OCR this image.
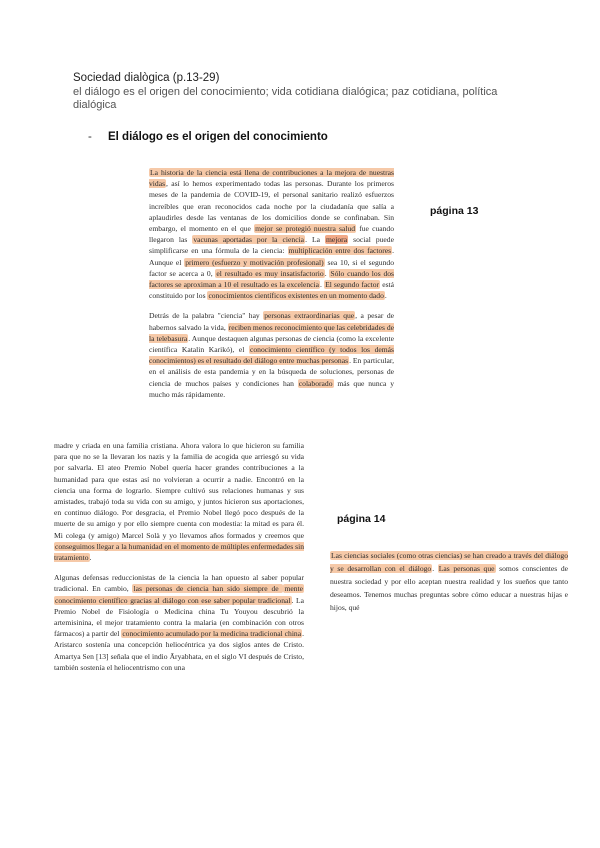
Sociedad dialògica (p.13-29)

el diálogo es el origen del conocimiento; vida cotidiana dialógica; paz cotidiana, política dialógica

- El diálogo es el origen del conocimiento

La historia de la ciencia está llena de contribuciones a la mejora de nuestras vidas, así lo hemos experimentado todas las personas. Durante los primeros meses de la pandemia de COVID-19, el personal sanitario realizó esfuerzos increíbles que eran reconocidos cada noche por la ciudadanía que salía a aplaudirles desde las ventanas de los domicilios donde se confinaban. Sin embargo, el momento en el que mejor se protegió nuestra salud fue cuando llegaron las vacunas aportadas por la ciencia. La mejora social puede simplificarse en una fórmula de la ciencia: multiplicación entre dos factores. Aunque el primero (esfuerzo y motivación profesional) sea 10, si el segundo factor se acerca a 0, el resultado es muy insatisfactorio. Sólo cuando los dos factores se aproximan a 10 el resultado es la excelencia. El segundo factor está constituido por los conocimientos científicos existentes en un momento dado.

Detrás de la palabra "ciencia" hay personas extraordinarias que, a pesar de habernos salvado la vida, reciben menos reconocimiento que las celebridades de la telebasura. Aunque destaquen algunas personas de ciencia (como la excelente científica Katalin Karikó), el conocimiento científico (y todos los demás conocimientos) es el resultado del diálogo entre muchas personas. En particular, en el análisis de esta pandemia y en la búsqueda de soluciones, personas de ciencia de muchos países y condiciones han colaborado más que nunca y mucho más rápidamente.

página 13

madre y criada en una familia cristiana. Ahora valora lo que hicieron su familia para que no se la llevaran los nazis y la familia de acogida que arriesgó su vida por salvarla. El ateo Premio Nobel quería hacer grandes contribuciones a la humanidad para que estas así no volvieran a ocurrir a nadie. Encontró en la ciencia una forma de lograrlo. Siempre cultivó sus relaciones humanas y sus amistades, trabajó toda su vida con su amigo, y juntos hicieron sus aportaciones, en continuo diálogo. Por desgracia, el Premio Nobel llegó poco después de la muerte de su amigo y por ello siempre cuenta con modestia: la mitad es para él. Mi colega (y amigo) Marcel Solà y yo llevamos años formados y creemos que conseguimos llegar a la humanidad en el momento de múltiples enfermedades sin tratamiento.

Algunas defensas reduccionistas de la ciencia la han opuesto al saber popular tradicional. En cambio, las personas de ciencia han sido siempre de mente conocimiento científico gracias al diálogo con ese saber popular tradicional. La Premio Nobel de Fisiología o Medicina china Tu Youyou descubrió la artemisinina, el mejor tratamiento contra la malaria (en combinación con otros fármacos) a partir del conocimiento acumulado por la medicina tradicional china. Aristarco sostenía una concepción heliocéntrica ya dos siglos antes de Cristo. Amartya Sen [13] señala que el indio Āryabhata, en el siglo VI después de Cristo, también sostenía el heliocentrismo con una

página 14

Las ciencias sociales (como otras ciencias) se han creado a través del diálogo y se desarrollan con el diálogo. Las personas que somos conscientes de nuestra sociedad y por ello aceptan nuestra realidad y los sueños que tanto deseamos. Tenemos muchas preguntas sobre cómo educar a nuestras hijas e hijos, qué
